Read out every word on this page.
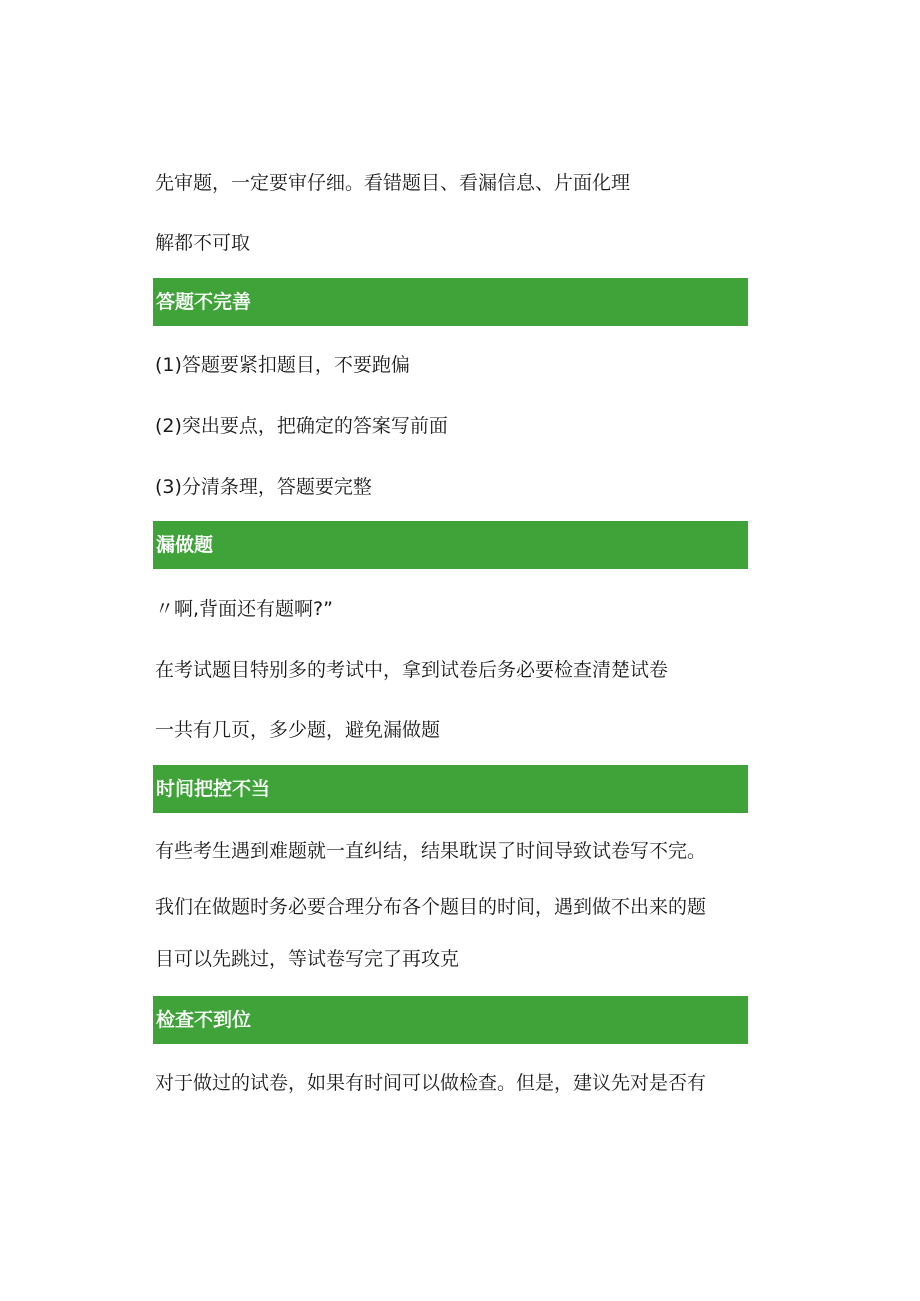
先审题，一定要审仔细。看错题目、看漏信息、片面化理
解都不可取
答题不完善
(1)答题要紧扣题目，不要跑偏
(2)突出要点，把确定的答案写前面
(3)分清条理，答题要完整
漏做题
〃啊,背面还有题啊?”
在考试题目特别多的考试中，拿到试卷后务必要检查清楚试卷
一共有几页，多少题，避免漏做题
时间把控不当
有些考生遇到难题就一直纠结，结果耽误了时间导致试卷写不完。
我们在做题时务必要合理分布各个题目的时间，遇到做不出来的题
目可以先跳过，等试卷写完了再攻克
检查不到位
对于做过的试卷，如果有时间可以做检查。但是，建议先对是否有
